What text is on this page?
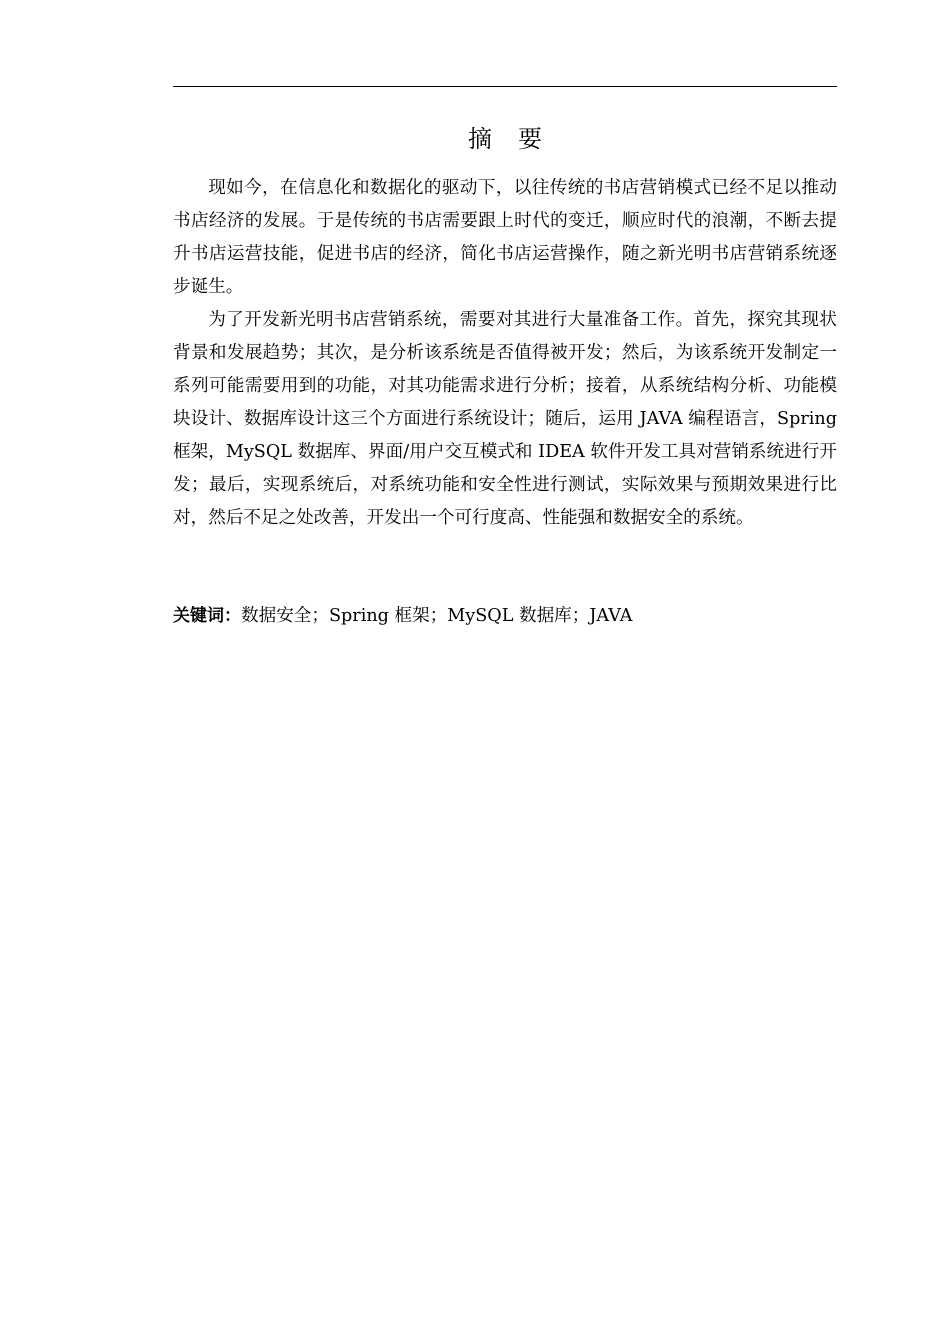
摘 要

现如今，在信息化和数据化的驱动下，以往传统的书店营销模式已经不足以推动书店经济的发展。于是传统的书店需要跟上时代的变迁，顺应时代的浪潮，不断去提升书店运营技能，促进书店的经济，简化书店运营操作，随之新光明书店营销系统逐步诞生。

为了开发新光明书店营销系统，需要对其进行大量准备工作。首先，探究其现状背景和发展趋势；其次，是分析该系统是否值得被开发；然后，为该系统开发制定一系列可能需要用到的功能，对其功能需求进行分析；接着，从系统结构分析、功能模块设计、数据库设计这三个方面进行系统设计；随后，运用 JAVA 编程语言，Spring 框架，MySQL 数据库、界面/用户交互模式和 IDEA 软件开发工具对营销系统进行开发；最后，实现系统后，对系统功能和安全性进行测试，实际效果与预期效果进行比对，然后不足之处改善，开发出一个可行度高、性能强和数据安全的系统。

关键词：数据安全；Spring 框架；MySQL 数据库；JAVA
